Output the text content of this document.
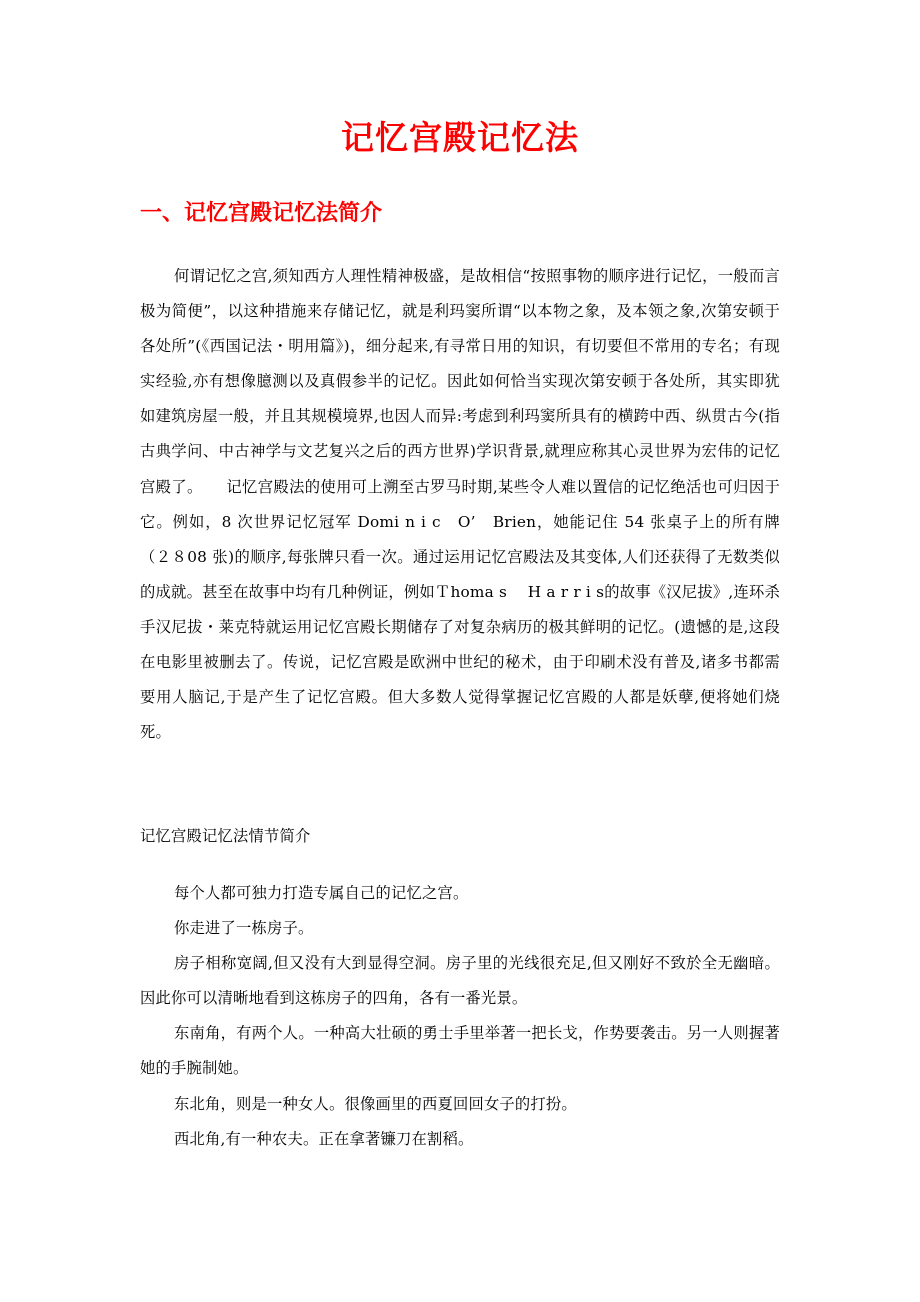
记忆宫殿记忆法
一、记忆宫殿记忆法简介

何谓记忆之宫,须知西方人理性精神极盛，是故相信“按照事物的顺序进行记忆，一般而言极为简便”，以这种措施来存储记忆，就是利玛窦所谓“以本物之象，及本领之象,次第安顿于各处所”(《西国记法・明用篇》)，细分起来,有寻常日用的知识，有切要但不常用的专名；有现实经验,亦有想像臆测以及真假参半的记忆。因此如何恰当实现次第安顿于各处所，其实即犹如建筑房屋一般，并且其规模境界,也因人而异:考虑到利玛窦所具有的横跨中西、纵贯古今(指古典学问、中古神学与文艺复兴之后的西方世界)学识背景,就理应称其心灵世界为宏伟的记忆宫殿了。　　记忆宫殿法的使用可上溯至古罗马时期,某些令人难以置信的记忆绝活也可归因于它。例如，8 次世界记忆冠军 Domi n i c　O’　Brien，她能记住 54 张桌子上的所有牌（２８08 张)的顺序,每张牌只看一次。通过运用记忆宫殿法及其变体,人们还获得了无数类似的成就。甚至在故事中均有几种例证，例如Ｔhoma s　 H a r r i s的故事《汉尼拔》,连环杀手汉尼拔・莱克特就运用记忆宫殿长期储存了对复杂病历的极其鲜明的记忆。(遗憾的是,这段在电影里被删去了。传说，记忆宫殿是欧洲中世纪的秘术，由于印刷术没有普及,诸多书都需要用人脑记,于是产生了记忆宫殿。但大多数人觉得掌握记忆宫殿的人都是妖孽,便将她们烧死。

记忆宫殿记忆法情节简介

每个人都可独力打造专属自己的记忆之宫。

你走进了一栋房子。

房子相称宽阔,但又没有大到显得空洞。房子里的光线很充足,但又刚好不致於全无幽暗。因此你可以清晰地看到这栋房子的四角，各有一番光景。

东南角，有两个人。一种高大壮硕的勇士手里举著一把长戈，作势要袭击。另一人则握著她的手腕制她。

东北角，则是一种女人。很像画里的西夏回回女子的打扮。

西北角,有一种农夫。正在拿著镰刀在割稻。
